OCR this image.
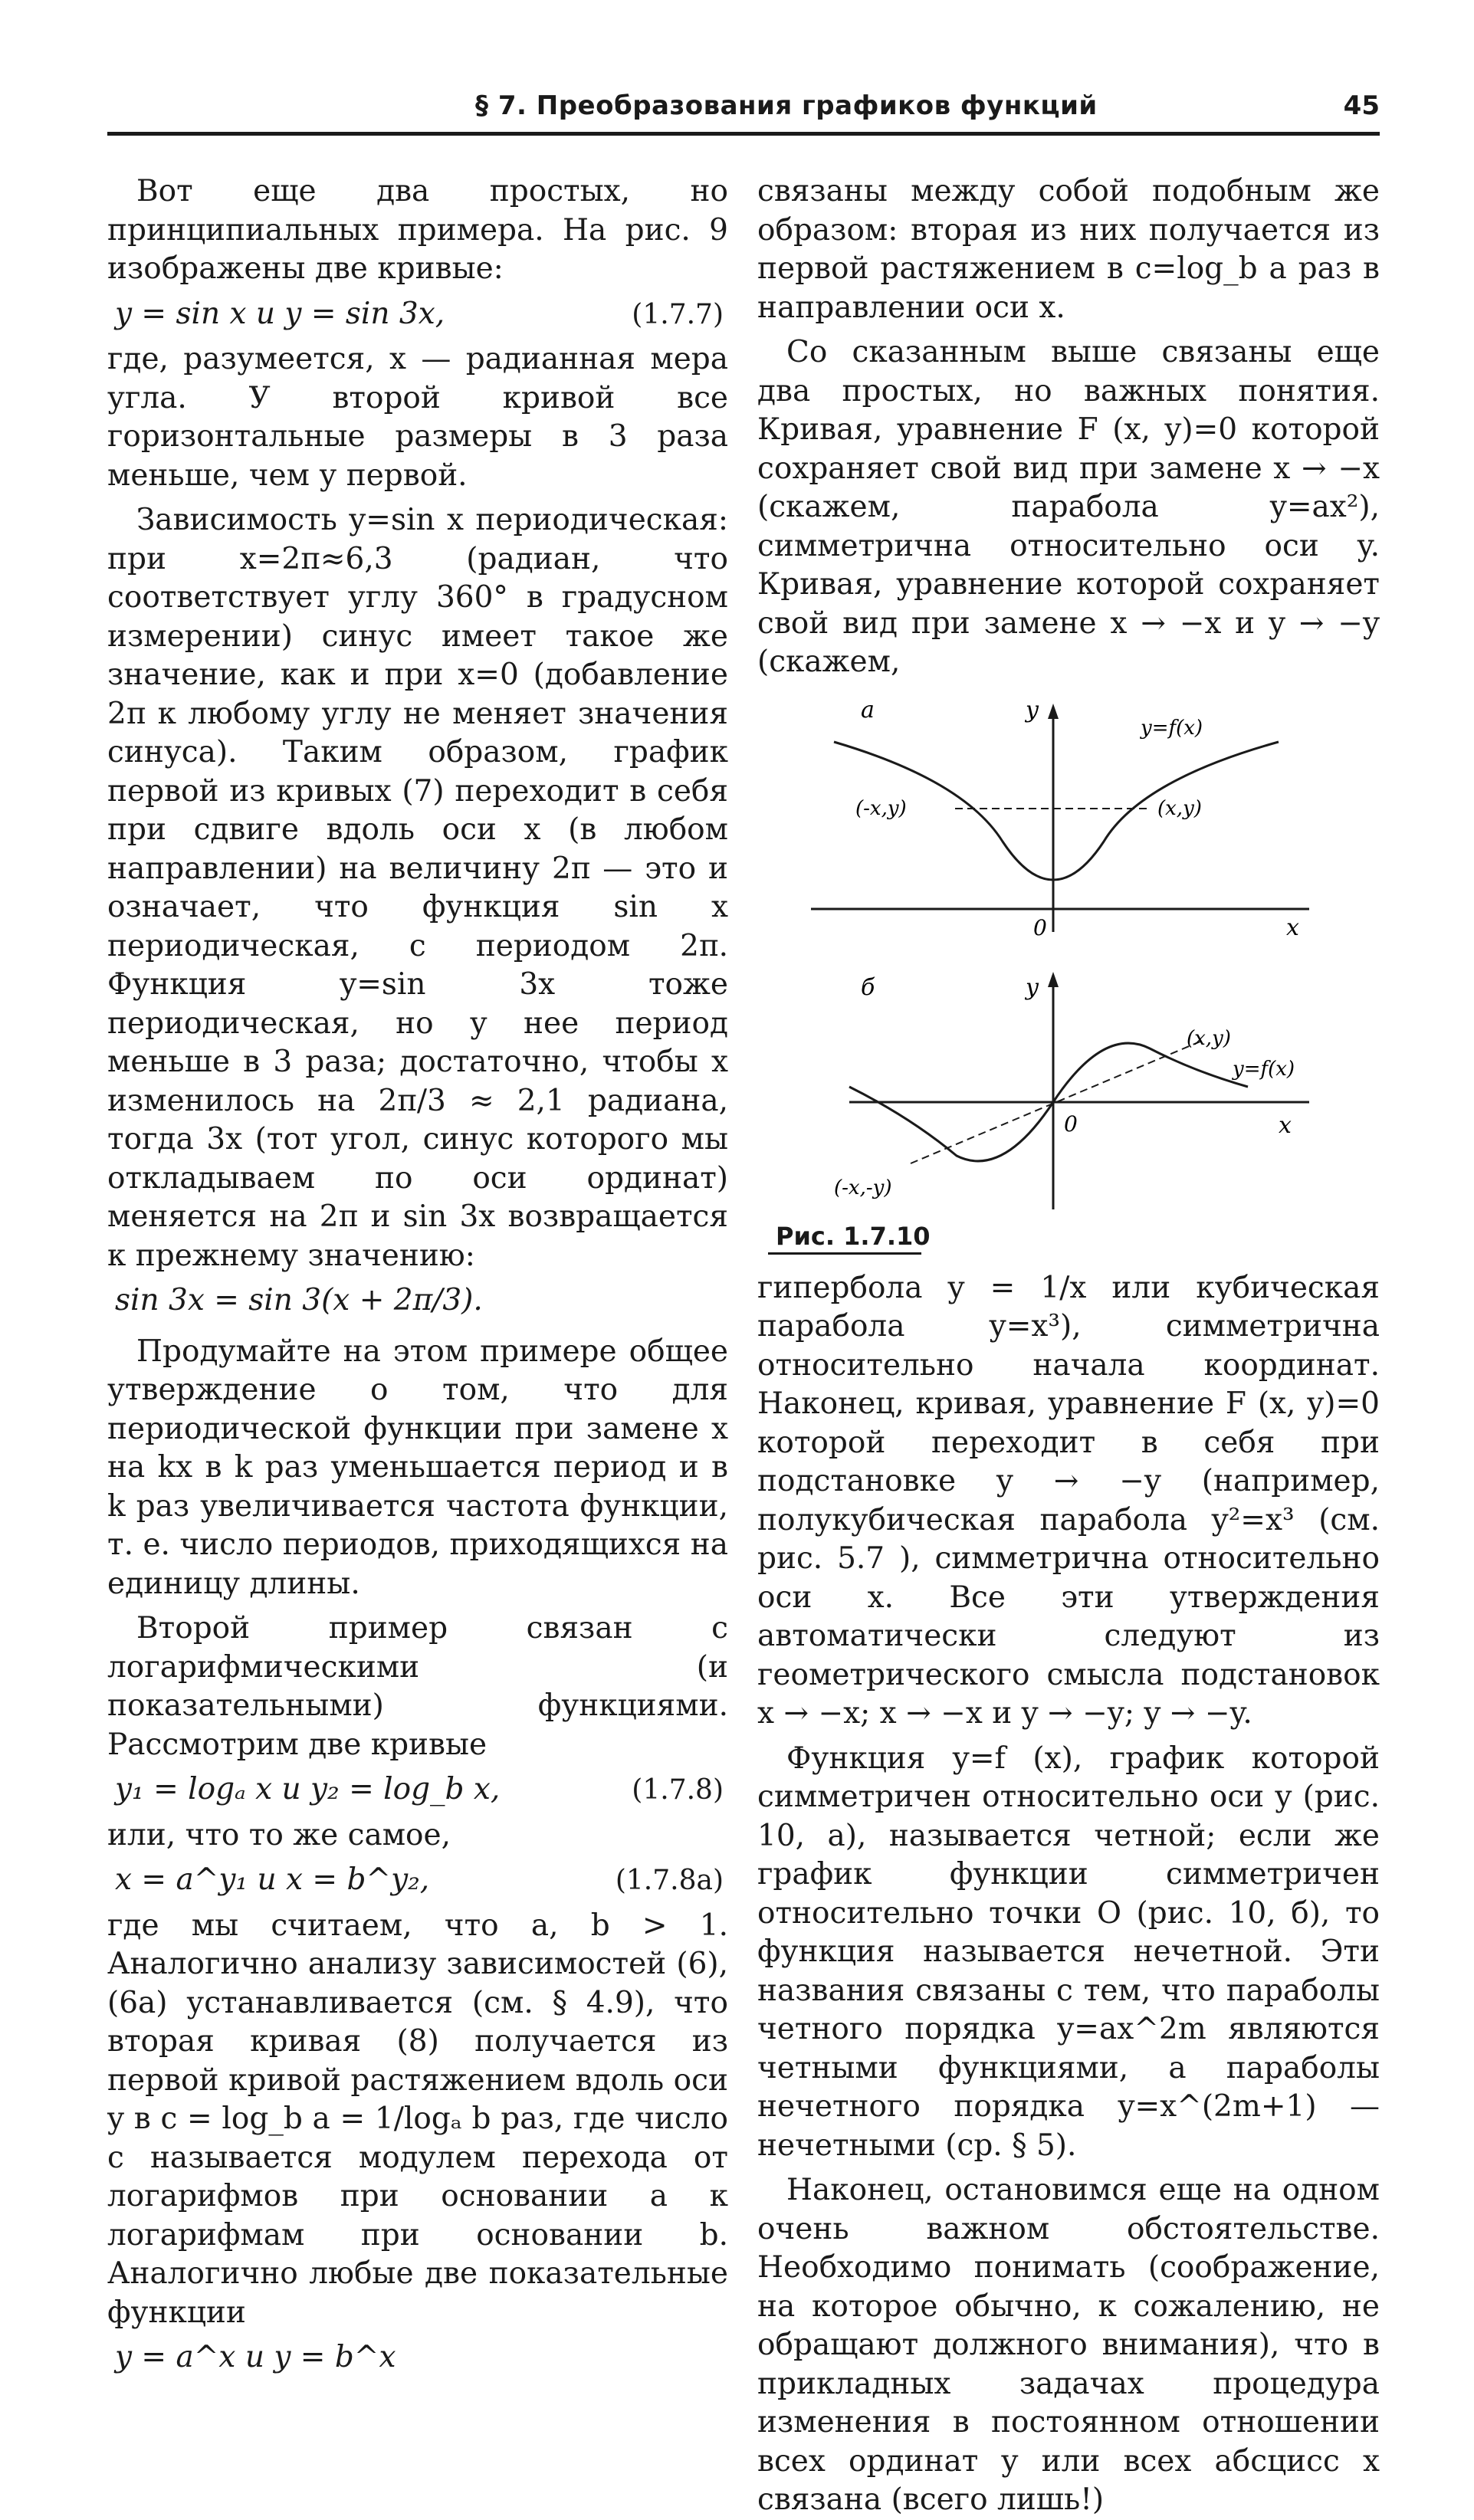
§ 7. Преобразования графиков функций	45

Вот еще два простых, но принципиальных примера. На рис. 9 изображены две кривые:

y = sin x и y = sin 3x,	(1.7.7)

где, разумеется, x — радианная мера угла. У второй кривой все горизонтальные размеры в 3 раза меньше, чем у первой.

Зависимость y=sin x периодическая: при x=2π≈6,3 (радиан, что соответствует углу 360° в градусном измерении) синус имеет такое же значение, как и при x=0 (добавление 2π к любому углу не меняет значения синуса). Таким образом, график первой из кривых (7) переходит в себя при сдвиге вдоль оси x (в любом направлении) на величину 2π — это и означает, что функция sin x периодическая, с периодом 2π. Функция y=sin 3x тоже периодическая, но у нее период меньше в 3 раза; достаточно, чтобы x изменилось на 2π/3 ≈ 2,1 радиана, тогда 3x (тот угол, синус которого мы откладываем по оси ординат) меняется на 2π и sin 3x возвращается к прежнему значению:

sin 3x = sin 3(x + 2π/3).

Продумайте на этом примере общее утверждение о том, что для периодической функции при замене x на kx в k раз уменьшается период и в k раз увеличивается частота функции, т. е. число периодов, приходящихся на единицу длины.

Второй пример связан с логарифмическими (и показательными) функциями. Рассмотрим две кривые

y₁ = logₐ x и y₂ = log_b x,	(1.7.8)

или, что то же самое,

x = a^y₁ и x = b^y₂,	(1.7.8а)

где мы считаем, что a, b > 1. Аналогично анализу зависимостей (6), (6а) устанавливается (см. § 4.9), что вторая кривая (8) получается из первой кривой растяжением вдоль оси y в c = log_b a = 1/logₐ b раз, где число c называется модулем перехода от логарифмов при основании a к логарифмам при основании b. Аналогично любые две показательные функции

y = a^x и y = b^x

связаны между собой подобным же образом: вторая из них получается из первой растяжением в c=log_b a раз в направлении оси x.

Со сказанным выше связаны еще два простых, но важных понятия. Кривая, уравнение F (x, y)=0 которой сохраняет свой вид при замене x → −x (скажем, парабола y=ax²), симметрична относительно оси y. Кривая, уравнение которой сохраняет свой вид при замене x → −x и y → −y (скажем,

а	y
y=f(x)
(-x,y)	(x,y)
0	x
б	y
(x,y)
y=f(x)
0	x
(-x,-y)
Рис. 1.7.10

гипербола y = 1/x или кубическая парабола y=x³), симметрична относительно начала координат. Наконец, кривая, уравнение F (x, y)=0 которой переходит в себя при подстановке y → −y (например, полукубическая парабола y²=x³ (см. рис. 5.7 ), симметрична относительно оси x. Все эти утверждения автоматически следуют из геометрического смысла подстановок x → −x; x → −x и y → −y; y → −y.

Функция y=f (x), график которой симметричен относительно оси y (рис. 10, а), называется четной; если же график функции симметричен относительно точки O (рис. 10, б), то функция называется нечетной. Эти названия связаны с тем, что параболы четного порядка y=ax^2m являются четными функциями, а параболы нечетного порядка y=x^(2m+1) — нечетными (ср. § 5).

Наконец, остановимся еще на одном очень важном обстоятельстве. Необходимо понимать (соображение, на которое обычно, к сожалению, не обращают должного внимания), что в прикладных задачах процедура изменения в постоянном отношении всех ординат y или всех абсцисс x связана (всего лишь!)
